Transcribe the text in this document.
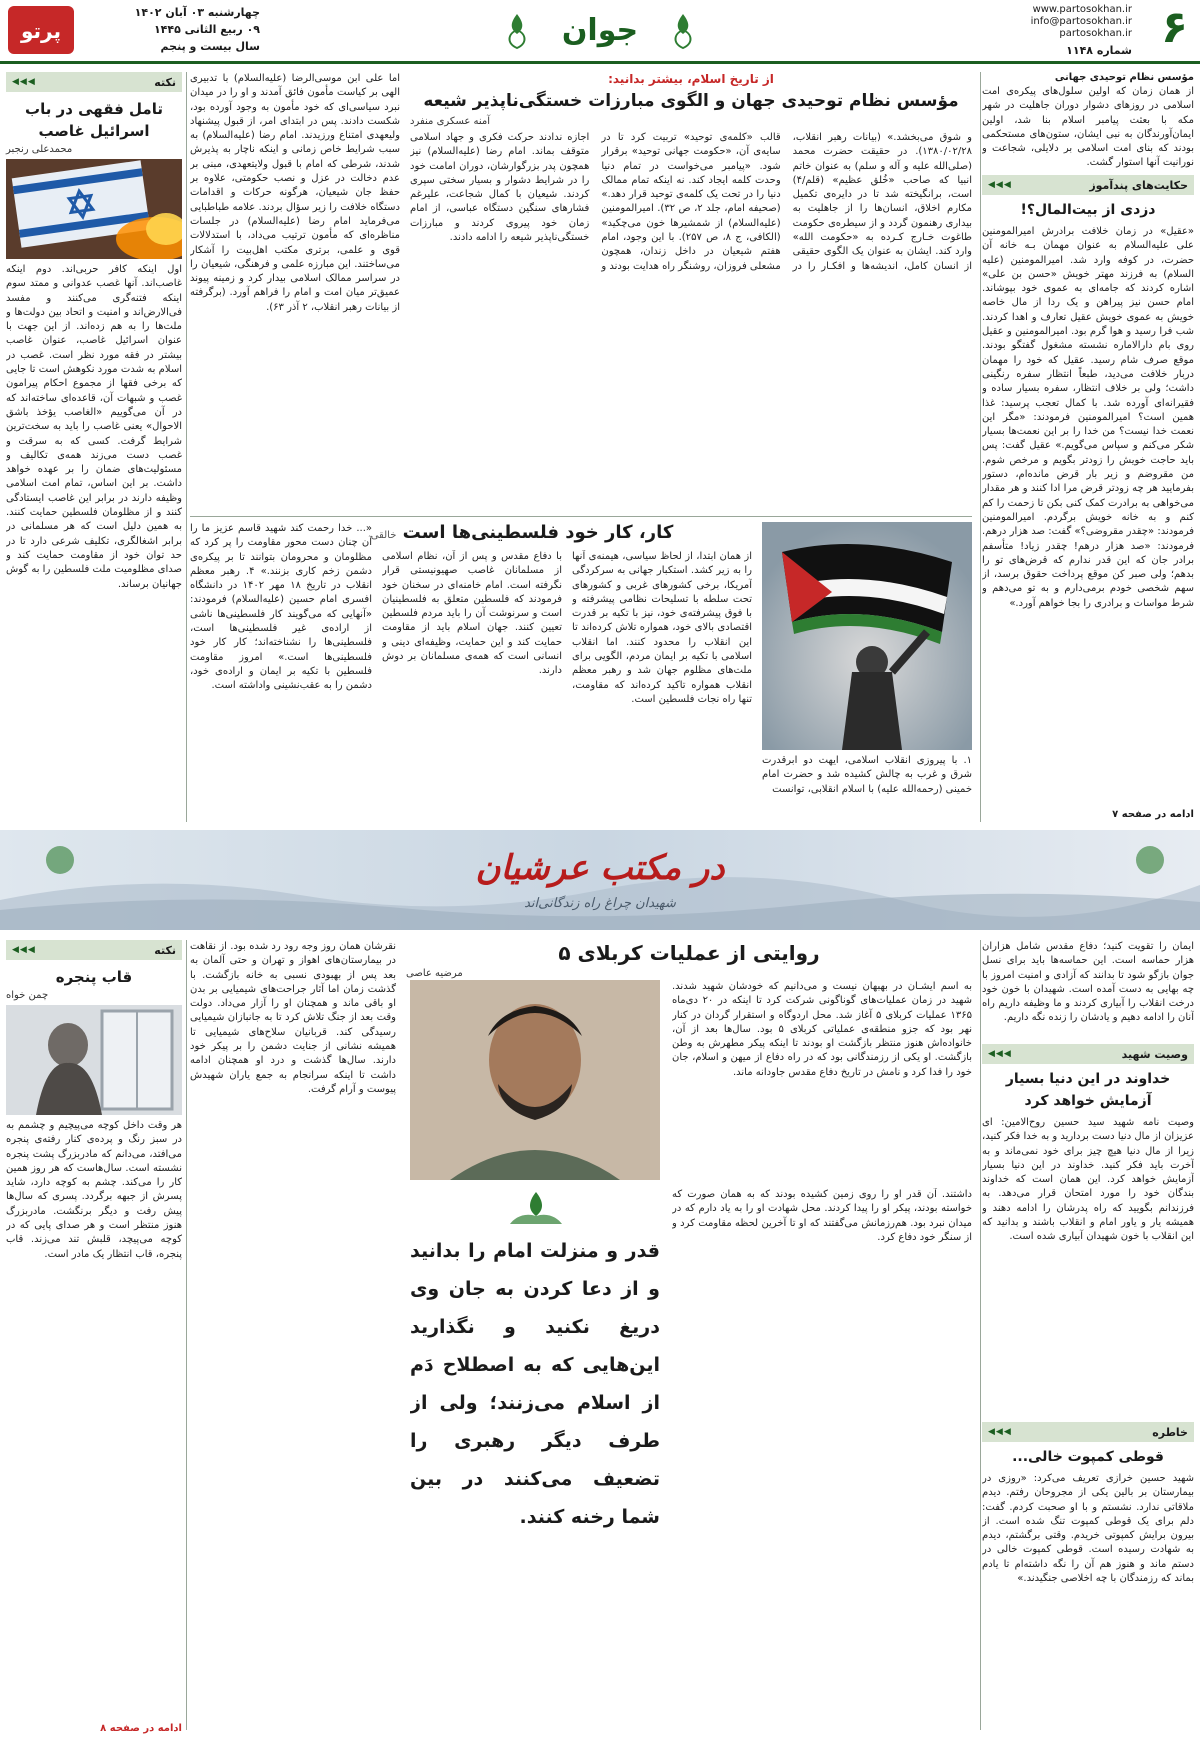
۶
www.partosokhan.ir
info@partosokhan.ir
partosokhan.ir
شماره ۱۱۴۸
جوان
چهارشنبه ۰۳ آبان ۱۴۰۲
۰۹ ربیع الثانی ۱۴۴۵
سال بیست و پنجم
پرتو
مؤسس نظام توحیدی جهانی
از همان زمان که اولین سلول‌های پیکره‌ی امت اسلامی در روزهای دشوار دوران جاهلیت در شهر مکه با بعثت پیامبر اسلام بنا شد، اولین ایمان‌آورندگان به نبی ایشان، ستون‌های مستحکمی بودند که بنای امت اسلامی بر دلایلی، شجاعت و نورانیت آنها استوار گشت.
حکایت‌های پندآموز
◀◀◀
دزدی از بیت‌المال؟!
«عقیل» در زمان خلافت برادرش امیرالمومنین علی علیه‌السلام به عنوان مهمان بـه خانه آن حضرت، در کوفه وارد شد. امیرالمومنین (علیه السلام) به فرزند مهتر خویش «حسن بن علی» اشاره کردند که جامه‌ای به عموی خود بپوشاند. امام حسن نیز پیراهن و یک ردا از مال خاصه خویش به عموی خویش عقیل تعارف و اهدا کردند. شب فرا رسید و هوا گرم بود. امیرالمومنین و عقیل روی بام دارالاماره نشسته مشغول گفتگو بودند. موقع صرف شام رسید. عقیل که خود را مهمان دربار خلافت می‌دید، طبعاً انتظار سفره رنگینی داشت؛ ولی بر خلاف انتظار، سفره بسیار ساده و فقیرانه‌ای آورده شد. با کمال تعجب پرسید: غذا همین است؟ امیرالمومنین فرمودند: «مگر این نعمت خدا نیست؟ من خدا را بر این نعمت‌ها بسیار شکر می‌کنم و سپاس می‌گویم.» عقیل گفت: پس باید حاجت خویش را زودتر بگویم و مرخص شوم. من مقروضم و زیر بار قرض مانده‌ام، دستور بفرمایید هر چه زودتر قرض مرا ادا کنند و هر مقدار می‌خواهی به برادرت کمک کنی بکن تا زحمت را کم کنم و به خانه خویش برگردم. امیرالمومنین فرمودند: «چقدر مقروضی؟» گفت: صد هزار درهم. فرمودند: «صد هزار درهم! چقدر زیاد! متأسفم برادر جان که این قدر ندارم که قرض‌های تو را بدهم؛ ولی صبر کن موقع پرداخت حقوق برسد، از سهم شخصی خودم برمی‌دارم و به تو می‌دهم و شرط مواسات و برادری را بجا خواهم آورد.»
ادامه در صفحه ۷
از تاریخ اسلام، بیشتر بدانید:
مؤسس نظام توحیدی جهان و الگوی مبارزات خستگی‌ناپذیر شیعه
آمنه عسکری منفرد
و شوق می‌بخشد.» (بیانات رهبر انقلاب، ۱۳۸۰/۰۲/۲۸). در حقیقت حضرت محمد (صلی‌الله علیه و آله و سلم) به عنوان خاتم انبیا که صاحب «خُلق عظیم» (قلم/۴) است، برانگیخته شد تا در دایره‌ی تکمیل مکارم اخلاق، انسان‌ها را از جاهلیت به بیداری رهنمون گردد و از سیطره‌ی حکومت طاغوت خـارج کـرده به «حکومت الله» وارد کند. ایشان به عنوان یک الگوی حقیقی از انسان کامل، اندیشه‌ها و افکـار را در قالب «کلمه‌ی توحید» تربیت کرد تا در سایه‌ی آن، «حکومت جهانی توحید» برقرار شود. «پیامبر می‌خواست در تمام دنیا وحدت کلمه ایجاد کند. نه اینکه تمام ممالک دنیا را در تحت یک کلمه‌ی توحید قرار دهد.» (صحیفه امام، جلد ۲، ص ۳۲). امیرالمومنین (علیه‌السلام) از شمشیرها خون می‌چکید» (الکافی، ج ۸، ص ۲۵۷). با این وجود، امام هفتم شیعیان در داخل زندان، همچون مشعلی فروزان، روشنگر راه هدایت بودند و اجازه ندادند حرکت فکری و جهاد اسلامی متوقف بماند. امام رضا (علیه‌السلام) نیز همچون پدر بزرگوارشان، دوران امامت خود را در شرایط دشوار و بسیار سختی سپری کردند. شیعیان با کمال شجاعت، علیرغم فشارهای سنگین دستگاه عباسی، از امام زمان خود پیروی کردند و مبارزات خستگی‌ناپذیر شیعه را ادامه دادند.
اما علی ابن موسی‌الرضا (علیه‌السلام) با تدبیری الهی بر کیاست مأمون فائق آمدند و او را در میدان نبرد سیاسی‌ای که خود مأمون به وجود آورده بود، شکست دادند. پس در ابتدای امر، از قبول پیشنهاد ولیعهدی امتناع ورزیدند. امام رضا (علیه‌السلام) به سبب شرایط خاص زمانی و اینکه ناچار به پذیرش شدند، شرطی که امام با قبول ولایتعهدی، مبنی بر عدم دخالت در عزل و نصب حکومتی، علاوه بر حفظ جان شیعیان، هرگونه حرکات و اقدامات دستگاه خلافت را زیر سؤال بردند. علامه طباطبایی می‌فرماید امام رضا (علیه‌السلام) در جلسات مناظره‌ای که مأمون ترتیب می‌داد، با استدلالات قوی و علمی، برتری مکتب اهل‌بیت را آشکار می‌ساختند. این مبارزه علمی و فرهنگی، شیعیان را در سراسر ممالک اسلامی بیدار کرد و زمینه پیوند عمیق‌تر میان امت و امام را فراهم آورد. (برگرفته از بیانات رهبر انقلاب، ۲ آذر ۶۳).
نکته
◀◀◀
تامل فقهی در باب اسرائیل غاصب
محمدعلی رنجبر
اول اینکه کافر حربی‌اند. دوم اینکه غاصب‌اند. آنها غصب عدوانی و ممتد سوم اینکه فتنه‌گری می‌کنند و مفسد فی‌الارض‌اند و امنیت و اتحاد بین دولت‌ها و ملت‌ها را به هم زده‌اند. از این جهت با عنوان اسرائیل غاصب، عنوان غاصب بیشتر در فقه مورد نظر است. غصب در اسلام به شدت مورد نکوهش است تا جایی که برخی فقها از مجموع احکام پیرامون غصب و شبهات آن، قاعده‌ای ساخته‌اند که در آن می‌گوییم «الغاصب یؤخذ باشق الاحوال» یعنی غاصب را باید به سخت‌ترین شرایط گرفت. کسی که به سرقت و غصب دست می‌زند همه‌ی تکالیف و مسئولیت‌های ضمان را بر عهده خواهد داشت. بر این اساس، تمام امت اسلامی وظیفه دارند در برابر این غاصب ایستادگی کنند و از مظلومان فلسطین حمایت کنند. به همین دلیل است که هر مسلمانی در برابر اشغالگری، تکلیف شرعی دارد تا در حد توان خود از مقاومت حمایت کند و صدای مظلومیت ملت فلسطین را به گوش جهانیان برساند.
کار، کار خود فلسطینی‌ها است خالقی
۱. با پیروزی انقلاب اسلامی، ایهت دو ابرقدرت شرق و غرب به چالش کشیده شد و حضرت امام خمینی (رحمه‌الله علیه) با اسلام انقلابی، توانست
از همان ابتدا، از لحاظ سیاسی، هیمنه‌ی آنها را به زیر کشد. استکبار جهانی به سرکردگی آمریکا، برخی کشورهای غربی و کشورهای تحت سلطه با تسلیحات نظامی پیشرفته و با فوق پیشرفته‌ی خود، نیز با تکیه بر قدرت اقتصادی بالای خود، همواره تلاش کرده‌اند تا این انقلاب را محدود کنند. اما انقلاب اسلامی با تکیه بر ایمان مردم، الگویی برای ملت‌های مظلوم جهان شد و رهبر معظم انقلاب همواره تاکید کرده‌اند که مقاومت، تنها راه نجات فلسطین است.
با دفاع مقدس و پس از آن، نظام اسلامی از مسلمانان غاصب صهیونیستی قرار نگرفته است. امام خامنه‌ای در سخنان خود فرمودند که فلسطین متعلق به فلسطینیان است و سرنوشت آن را باید مردم فلسطین تعیین کنند. جهان اسلام باید از مقاومت حمایت کند و این حمایت، وظیفه‌ای دینی و انسانی است که همه‌ی مسلمانان بر دوش دارند.
«... خدا رحمت کند شهید قاسم عزیز ما را آن چنان دست محور مقاومت را پر کرد که مظلومان و محرومان بتوانند تا بر پیکره‌ی دشمن زخم کاری بزنند.» ۴. رهبر معظم انقلاب در تاریخ ۱۸ مهر ۱۴۰۲ در دانشگاه افسری امام حسین (علیه‌السلام) فرمودند: «آنهایی که می‌گویند کار فلسطینی‌ها ناشی از اراده‌ی غیر فلسطینی‌ها است، فلسطینی‌ها را نشناخته‌اند؛ کار کار خود فلسطینی‌ها است.» امروز مقاومت فلسطین با تکیه بر ایمان و اراده‌ی خود، دشمن را به عقب‌نشینی واداشته است.
در مکتب عرشیان
شهیدان چراغ راه زندگانی‌اند
ایمان را تقویت کنید؛ دفاع مقدس شامل هزاران هزار حماسه است. این حماسه‌ها باید برای نسل جوان بازگو شود تا بدانند که آزادی و امنیت امروز با چه بهایی به دست آمده است. شهیدان با خون خود درخت انقلاب را آبیاری کردند و ما وظیفه داریم راه آنان را ادامه دهیم و یادشان را زنده نگه داریم.
وصیت شهید
◀◀◀
خداوند در این دنیا بسیار آزمایش خواهد کرد
وصیت نامه شهید سید حسین روح‌الامین: ای عزیزان از مال دنیا دست بردارید و به خدا فکر کنید، زیرا از مال دنیا هیچ چیز برای خود نمی‌ماند و به آخرت باید فکر کنید. خداوند در این دنیا بسیار آزمایش خواهد کرد. این همان است که خداوند بندگان خود را مورد امتحان قرار می‌دهد. به فرزندانم بگویید که راه پدرشان را ادامه دهند و همیشه یار و یاور امام و انقلاب باشند و بدانید که این انقلاب با خون شهیدان آبیاری شده است.
خاطره
◀◀◀
قوطی کمپوت خالی...
شهید حسین خرازی تعریف می‌کرد: «روزی در بیمارستان بر بالین یکی از مجروحان رفتم. دیدم ملاقاتی ندارد. نشستم و با او صحبت کردم. گفت: دلم برای یک قوطی کمپوت تنگ شده است. از بیرون برایش کمپوتی خریدم. وقتی برگشتم، دیدم به شهادت رسیده است. قوطی کمپوت خالی در دستم ماند و هنوز هم آن را نگه داشته‌ام تا یادم بماند که رزمندگان با چه اخلاصی جنگیدند.»
روایتی از عملیات کربلای ۵
مرضیه عاصی
به اسم ایشـان در بهبهان نیست و می‌دانیم که خودشان شهید شدند. شهید در زمان عملیات‌های گوناگونی شرکت کرد تا اینکه در ۲۰ دی‌ماه ۱۳۶۵ عملیات کربلای ۵ آغاز شد. محل اردوگاه و استقرار گردان در کنار نهر بود که جزو منطقه‌ی عملیاتی کربلای ۵ بود. سال‌ها بعد از آن، خانواده‌اش هنوز منتظر بازگشت او بودند تا اینکه پیکر مطهرش به وطن بازگشت. او یکی از رزمندگانی بود که در راه دفاع از میهن و اسلام، جان خود را فدا کرد و نامش در تاریخ دفاع مقدس جاودانه ماند.
قدر و منزلت امام را بدانید و از دعا کردن به جان وی دریغ نکنید و نگذارید این‌هایی که به اصطلاح دَم از اسلام می‌زنند؛ ولی از طرف دیگر رهبری را تضعیف می‌کنند در بین شما رخنه کنند.
داشتند. آن قدر او را روی زمین کشیده بودند که به همان صورت که خواسته بودند، پیکر او را پیدا کردند. محل شهادت او را به یاد دارم که در میدان نبرد بود. هم‌رزمانش می‌گفتند که او تا آخرین لحظه مقاومت کرد و از سنگر خود دفاع کرد.
نقرشان همان روز وجه رود رد شده بود. از نقاهت در بیمارستان‌های اهواز و تهران و حتی آلمان به بعد پس از بهبودی نسبی به خانه بازگشت. با گذشت زمان اما آثار جراحت‌های شیمیایی بر بدن او باقی ماند و همچنان او را آزار می‌داد. دولت وقت بعد از جنگ تلاش کرد تا به جانبازان شیمیایی رسیدگی کند. قربانیان سلاح‌های شیمیایی تا همیشه نشانی از جنایت دشمن را بر پیکر خود دارند. سال‌ها گذشت و درد او همچنان ادامه داشت تا اینکه سرانجام به جمع یاران شهیدش پیوست و آرام گرفت.
نکته
◀◀◀
قاب پنجره
چمن خواه
هر وقت داخل کوچه می‌پیچیم و چشمم به در سبز رنگ و پرده‌ی کنار رفته‌ی پنجره می‌افتد، می‌دانم که مادربزرگ پشت پنجره نشسته است. سال‌هاست که هر روز همین کار را می‌کند. چشم به کوچه دارد، شاید پسرش از جبهه برگردد. پسری که سال‌ها پیش رفت و دیگر برنگشت. مادربزرگ هنوز منتظر است و هر صدای پایی که در کوچه می‌پیچد، قلبش تند می‌زند. قاب پنجره، قاب انتظار یک مادر است.
ادامه در صفحه ۸
